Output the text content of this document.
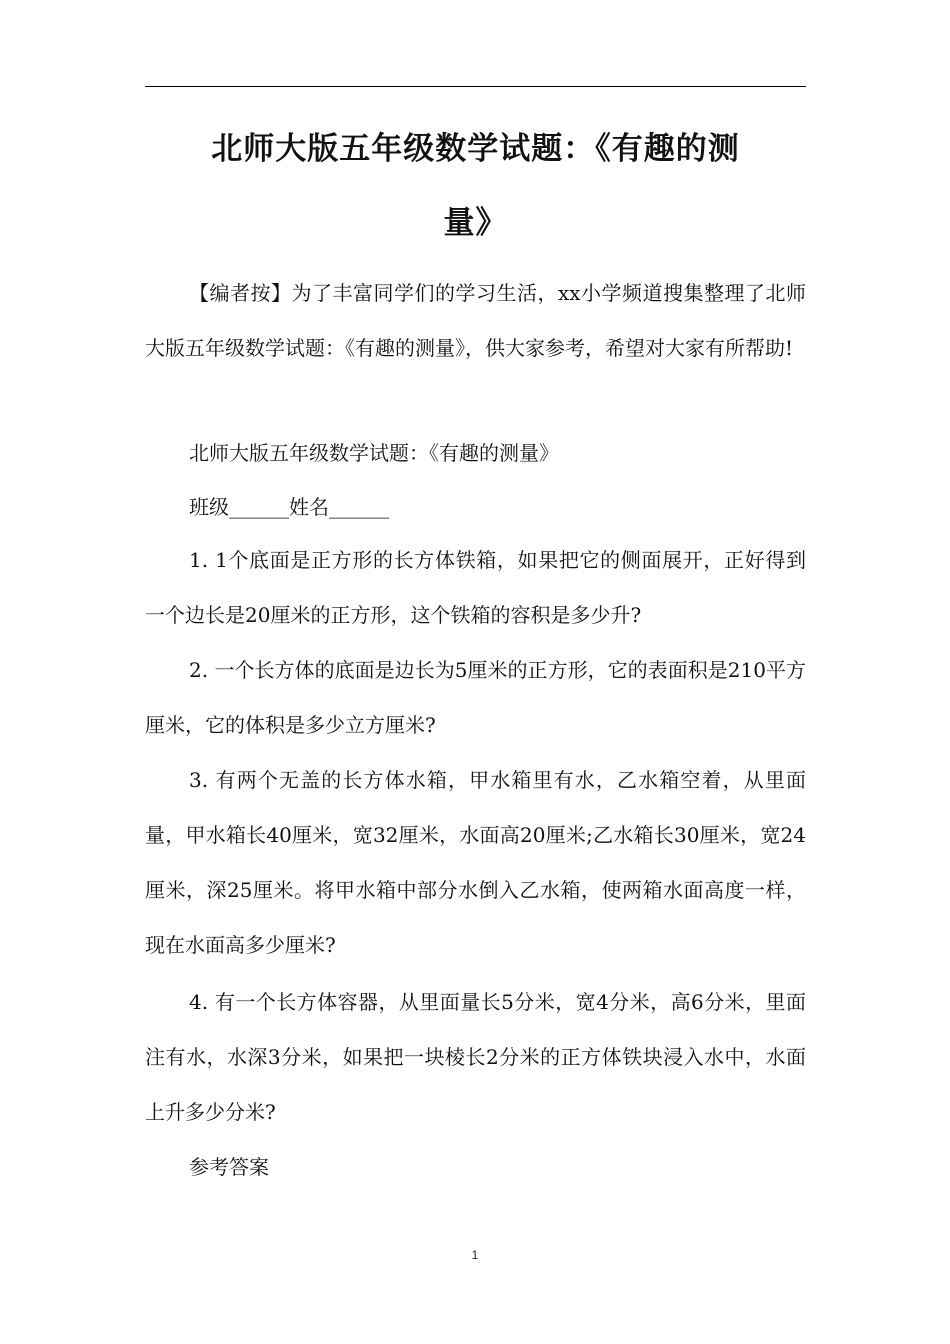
北师大版五年级数学试题：《有趣的测
量》

【编者按】为了丰富同学们的学习生活，xx小学频道搜集整理了北师大版五年级数学试题：《有趣的测量》，供大家参考，希望对大家有所帮助!

北师大版五年级数学试题：《有趣的测量》

班级______姓名______

1. 1个底面是正方形的长方体铁箱，如果把它的侧面展开，正好得到一个边长是20厘米的正方形，这个铁箱的容积是多少升?

2. 一个长方体的底面是边长为5厘米的正方形，它的表面积是210平方厘米，它的体积是多少立方厘米?

3. 有两个无盖的长方体水箱，甲水箱里有水，乙水箱空着，从里面量，甲水箱长40厘米，宽32厘米，水面高20厘米;乙水箱长30厘米，宽24厘米，深25厘米。将甲水箱中部分水倒入乙水箱，使两箱水面高度一样，现在水面高多少厘米?

4. 有一个长方体容器，从里面量长5分米，宽4分米，高6分米，里面注有水，水深3分米，如果把一块棱长2分米的正方体铁块浸入水中，水面上升多少分米?

参考答案

1
